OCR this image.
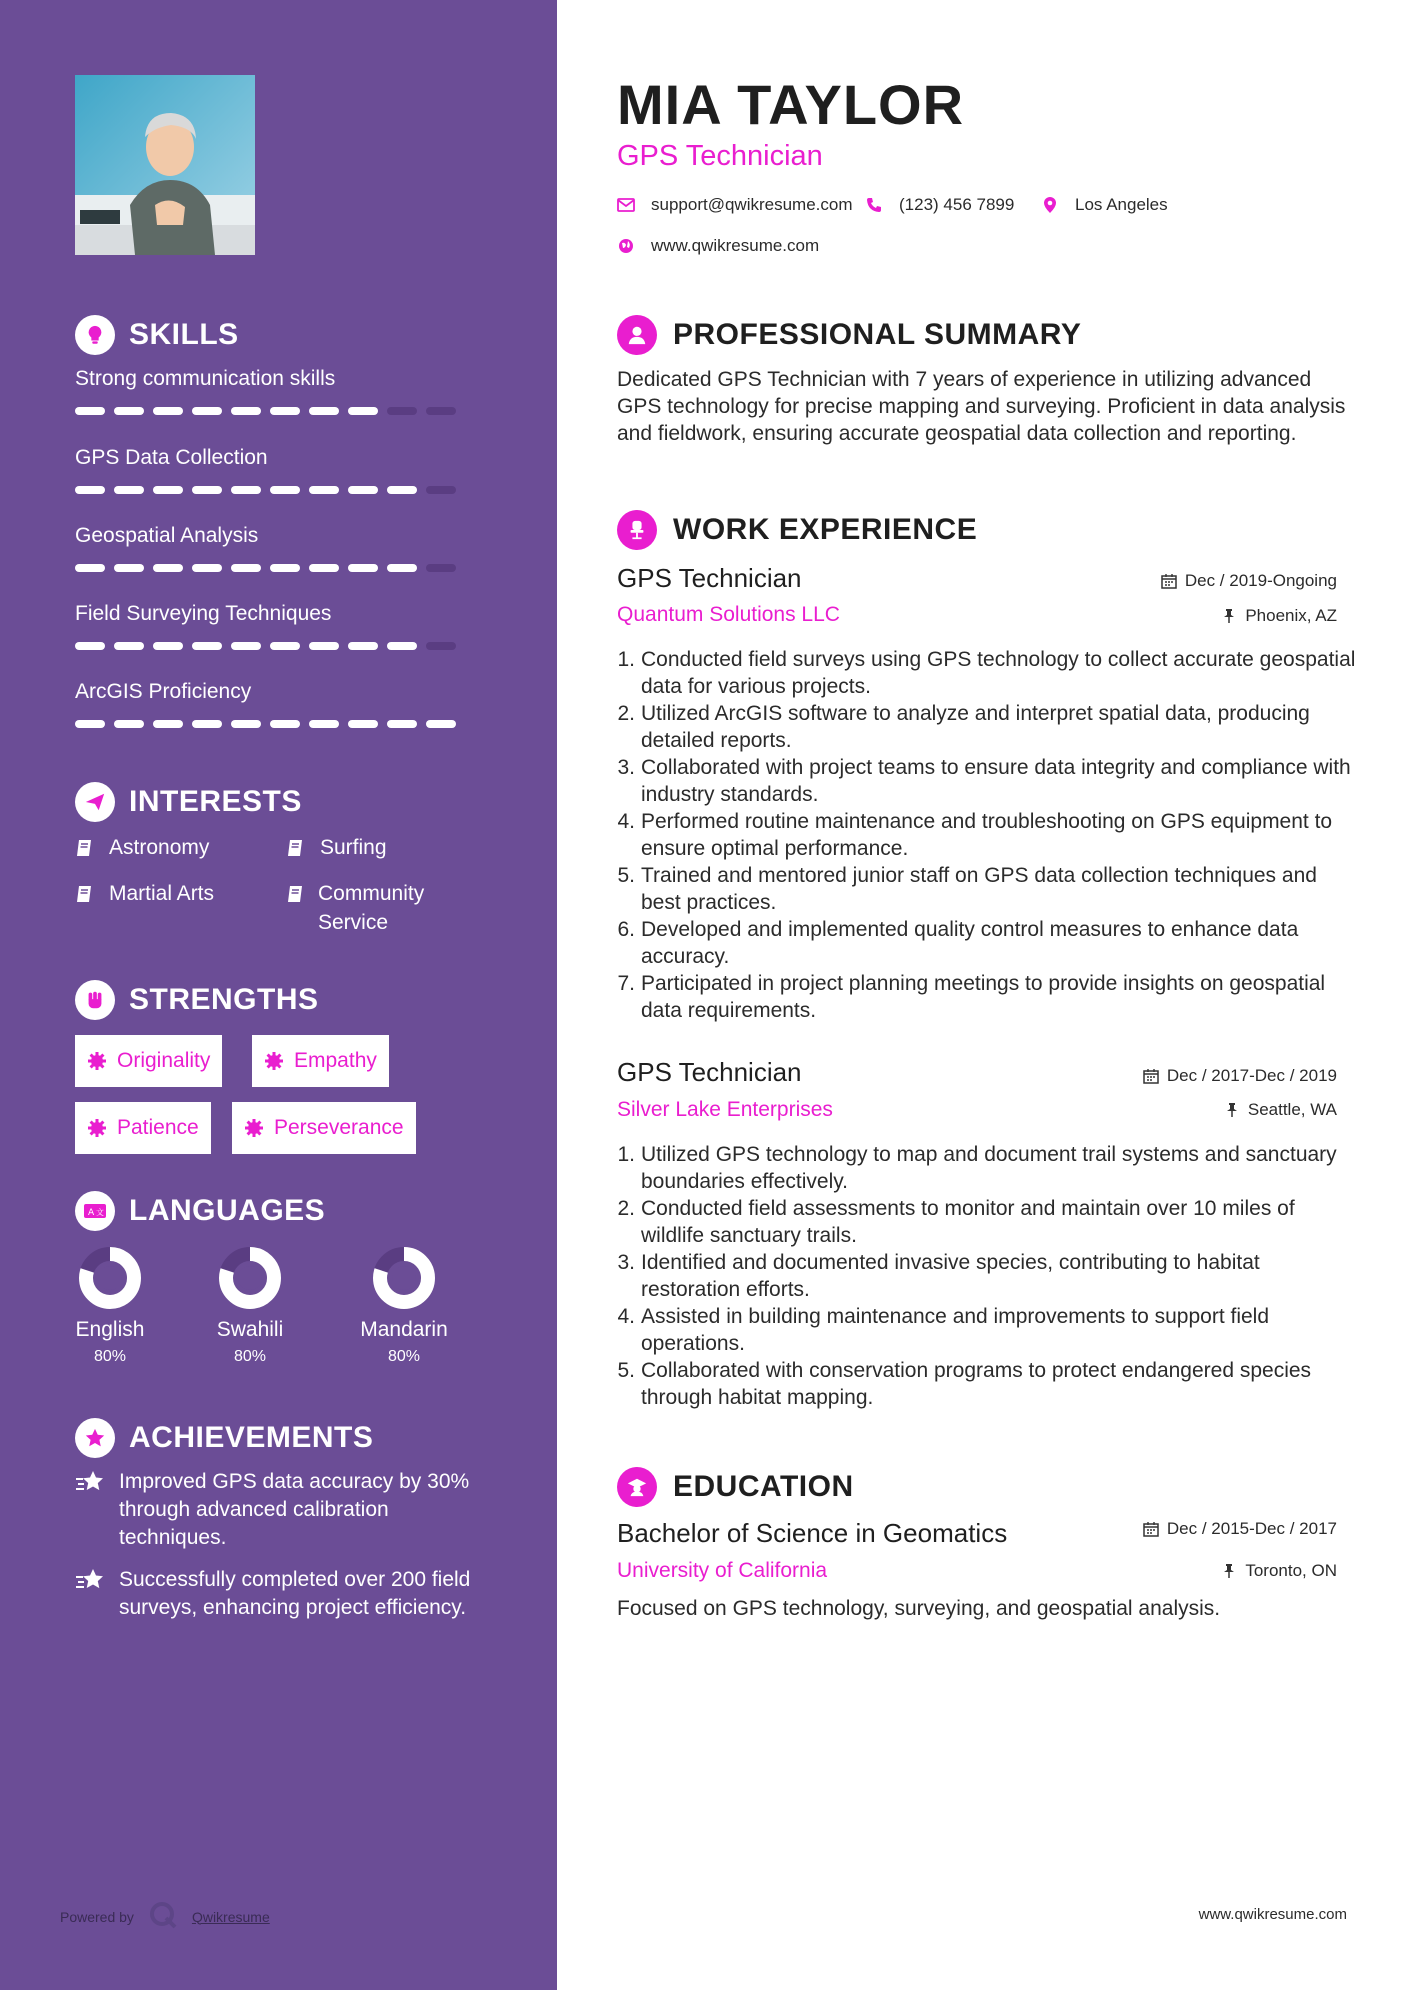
SKILLS
Strong communication skills
GPS Data Collection
Geospatial Analysis
Field Surveying Techniques
ArcGIS Proficiency
INTERESTS
Astronomy	Surfing
Martial Arts	Community Service
STRENGTHS
Originality	Empathy
Patience	Perseverance
A 文 LANGUAGES
English
80%
Swahili
80%
Mandarin
80%
ACHIEVEMENTS
Improved GPS data accuracy by 30% through advanced calibration techniques.
Successfully completed over 200 field surveys, enhancing project efficiency.
Powered by	Qwikresume
MIA TAYLOR
GPS Technician
support@qwikresume.com	(123) 456 7899	Los Angeles
www.qwikresume.com
PROFESSIONAL SUMMARY
Dedicated GPS Technician with 7 years of experience in utilizing advanced GPS technology for precise mapping and surveying. Proficient in data analysis and fieldwork, ensuring accurate geospatial data collection and reporting.
WORK EXPERIENCE
GPS Technician
Quantum Solutions LLC
Dec / 2019-Ongoing
Phoenix, AZ
1. Conducted field surveys using GPS technology to collect accurate geospatial data for various projects.
2. Utilized ArcGIS software to analyze and interpret spatial data, producing detailed reports.
3. Collaborated with project teams to ensure data integrity and compliance with industry standards.
4. Performed routine maintenance and troubleshooting on GPS equipment to ensure optimal performance.
5. Trained and mentored junior staff on GPS data collection techniques and best practices.
6. Developed and implemented quality control measures to enhance data accuracy.
7. Participated in project planning meetings to provide insights on geospatial data requirements.
GPS Technician
Silver Lake Enterprises
Dec / 2017-Dec / 2019
Seattle, WA
1. Utilized GPS technology to map and document trail systems and sanctuary boundaries effectively.
2. Conducted field assessments to monitor and maintain over 10 miles of wildlife sanctuary trails.
3. Identified and documented invasive species, contributing to habitat restoration efforts.
4. Assisted in building maintenance and improvements to support field operations.
5. Collaborated with conservation programs to protect endangered species through habitat mapping.
EDUCATION
Bachelor of Science in Geomatics
University of California
Dec / 2015-Dec / 2017
Toronto, ON
Focused on GPS technology, surveying, and geospatial analysis.
www.qwikresume.com
